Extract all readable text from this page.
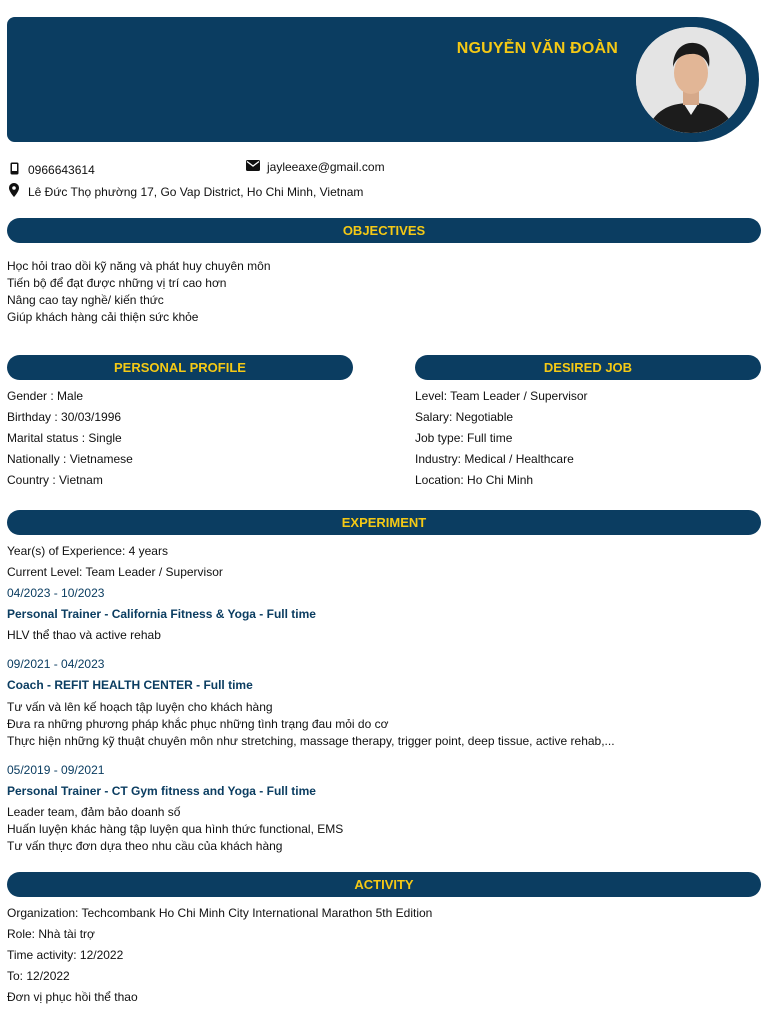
NGUYỄN VĂN ĐOÀN
0966643614	jayleeaxe@gmail.com
Lê Đức Thọ phường 17, Go Vap District, Ho Chi Minh, Vietnam
OBJECTIVES
Học hỏi trao dồi kỹ năng và phát huy chuyên môn
Tiến bộ để đạt được những vị trí cao hơn
Nâng cao tay nghề/ kiến thức
Giúp khách hàng cải thiện sức khỏe
PERSONAL PROFILE	DESIRED JOB
Gender : Male
Birthday : 30/03/1996
Marital status : Single
Nationally : Vietnamese
Country : Vietnam
Level: Team Leader / Supervisor
Salary: Negotiable
Job type: Full time
Industry: Medical / Healthcare
Location: Ho Chi Minh
EXPERIMENT
Year(s) of Experience: 4 years
Current Level: Team Leader / Supervisor
04/2023 - 10/2023
Personal Trainer - California Fitness & Yoga - Full time
HLV thể thao và active rehab
09/2021 - 04/2023
Coach - REFIT HEALTH CENTER - Full time
Tư vấn và lên kế hoạch tập luyện cho khách hàng
Đưa ra những phương pháp khắc phục những tình trạng đau mỏi do cơ
Thực hiện những kỹ thuật chuyên môn như stretching, massage therapy, trigger point, deep tissue, active rehab,...
05/2019 - 09/2021
Personal Trainer - CT Gym fitness and Yoga - Full time
Leader team, đảm bảo doanh số
Huấn luyện khác hàng tập luyện qua hình thức functional, EMS
Tư vấn thực đơn dựa theo nhu cầu của khách hàng
ACTIVITY
Organization: Techcombank Ho Chi Minh City International Marathon 5th Edition
Role: Nhà tài trợ
Time activity: 12/2022
To: 12/2022
Đơn vị phục hồi thể thao
